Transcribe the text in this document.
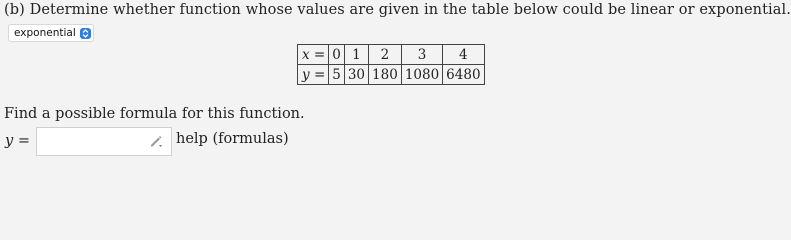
(b) Determine whether function whose values are given in the table below could be linear or exponential.
exponential
x =	0	1	2	3	4
y =	5	30	180	1080	6480
Find a possible formula for this function.
y =	help (formulas)
